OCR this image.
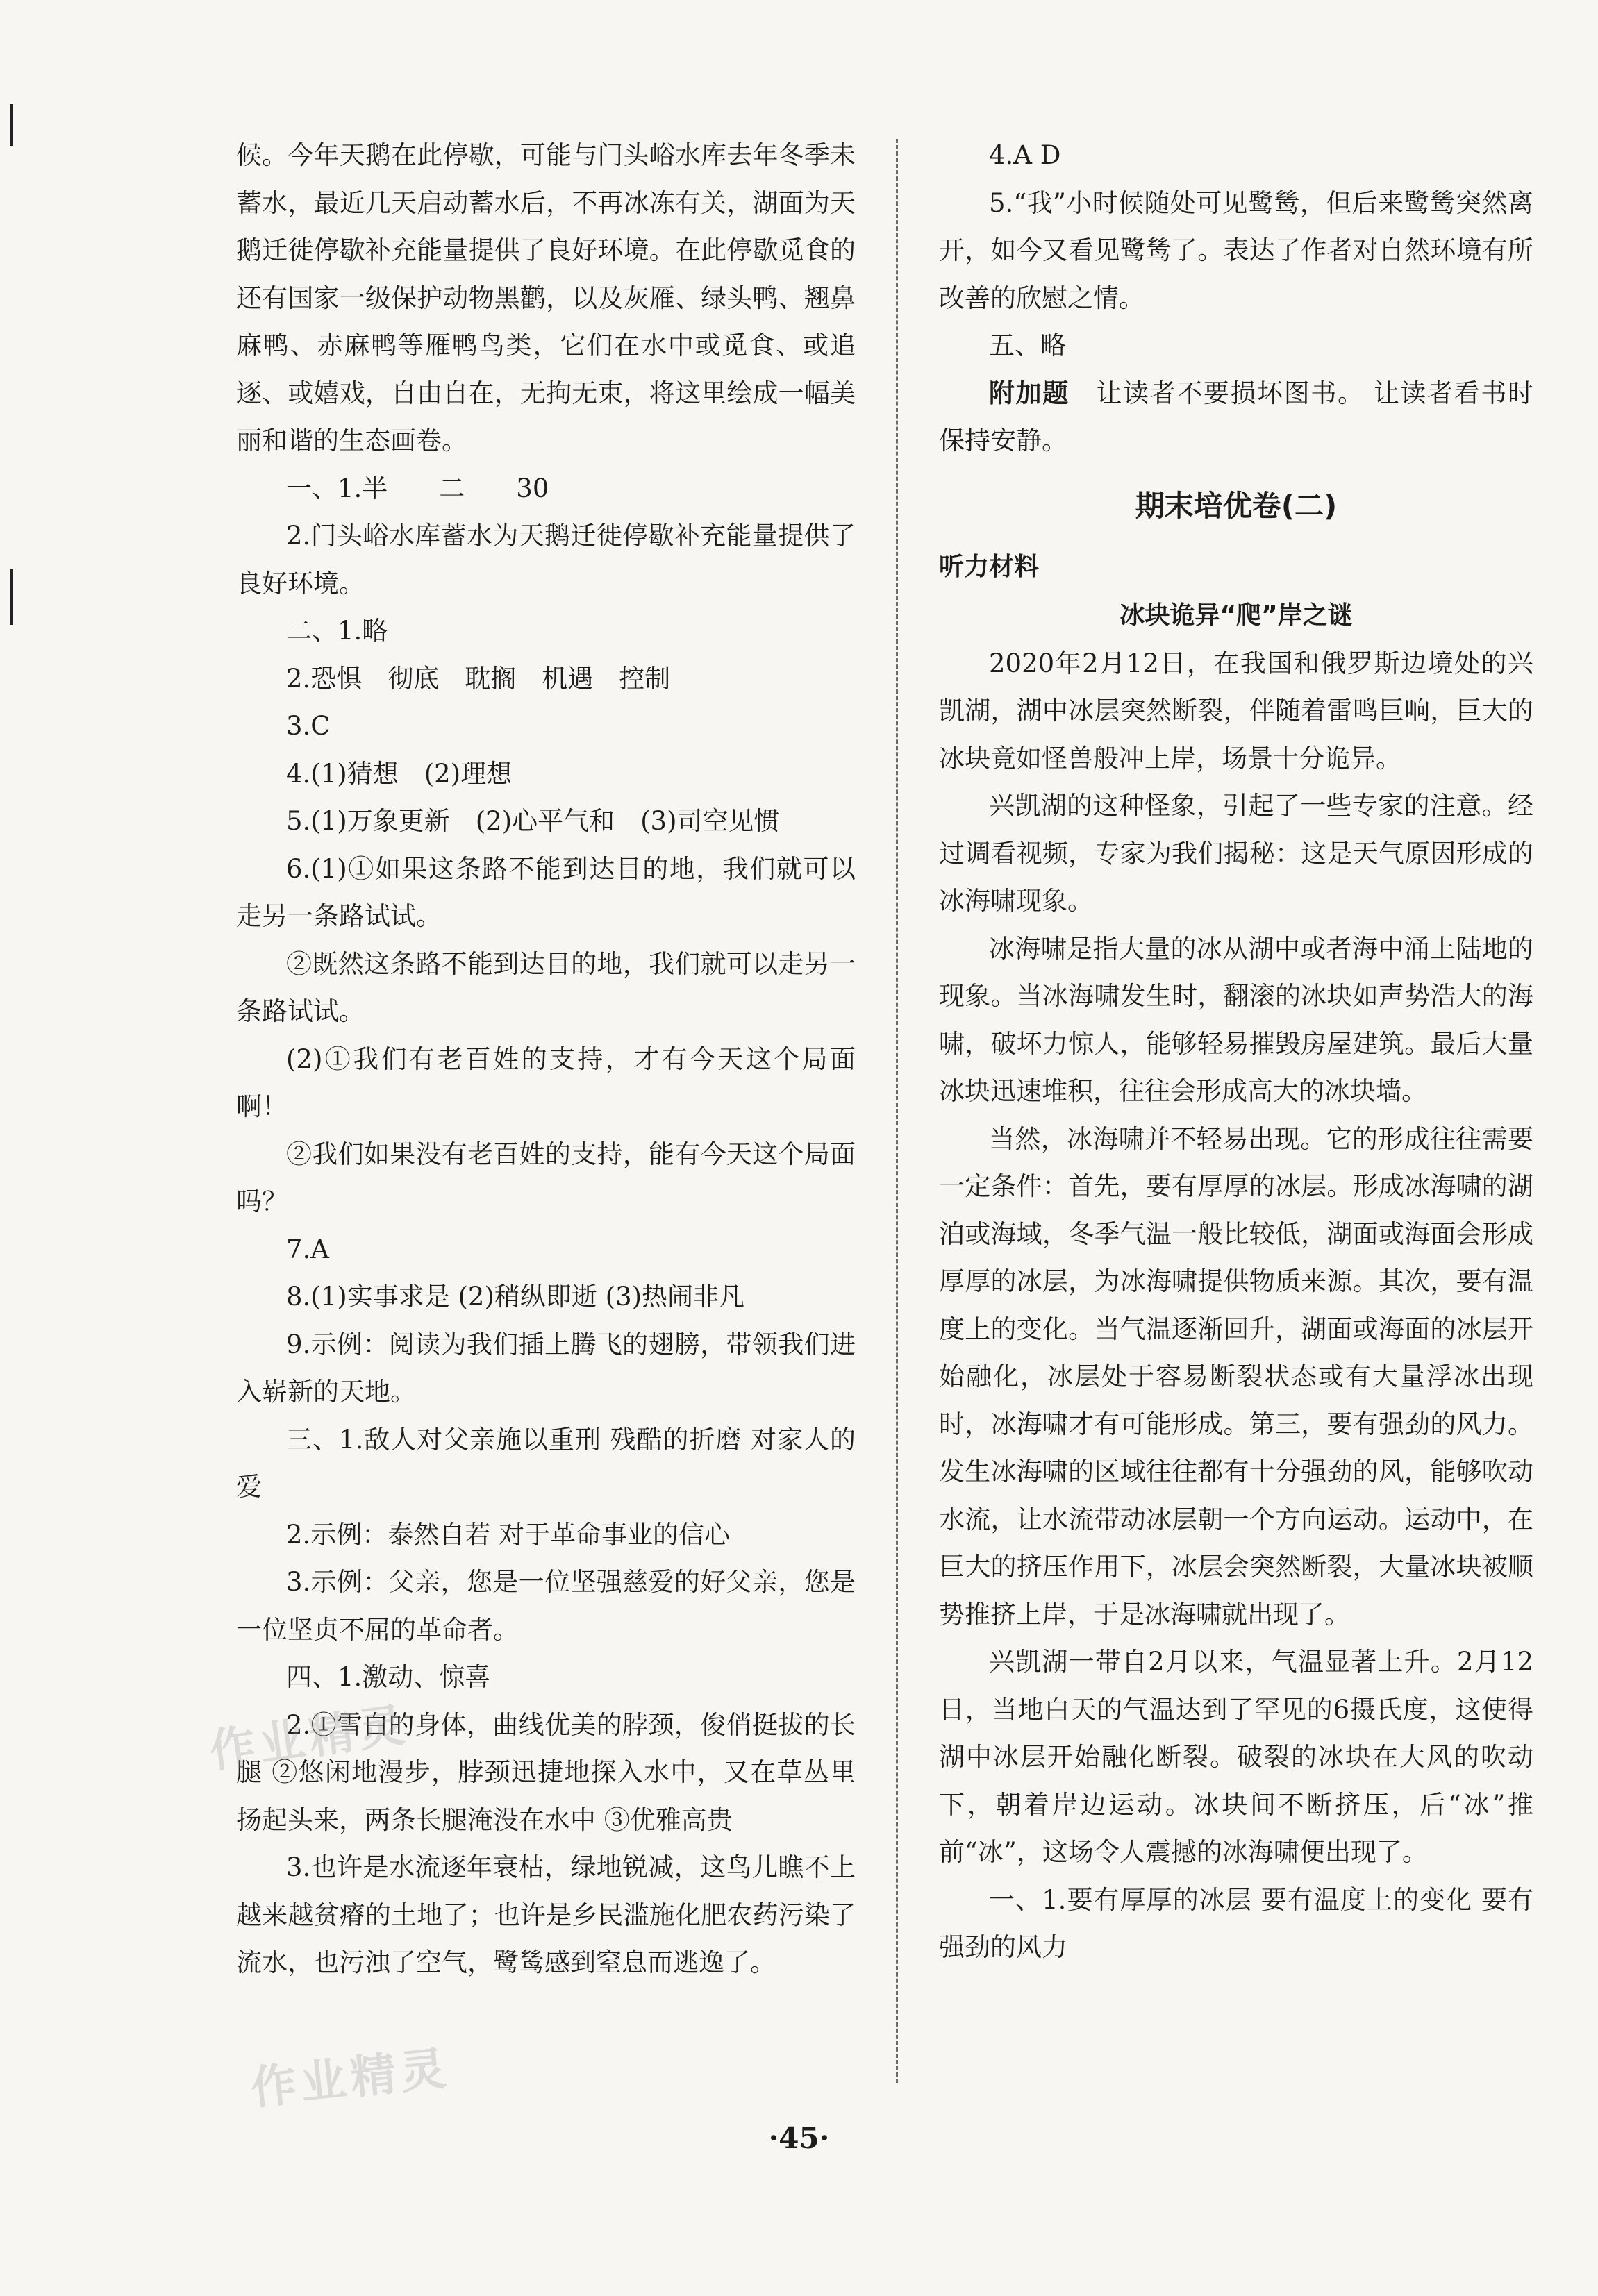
候。今年天鹅在此停歇，可能与门头峪水库去年冬季未蓄水，最近几天启动蓄水后，不再冰冻有关，湖面为天鹅迁徙停歇补充能量提供了良好环境。在此停歇觅食的还有国家一级保护动物黑鹳，以及灰雁、绿头鸭、翘鼻麻鸭、赤麻鸭等雁鸭鸟类，它们在水中或觅食、或追逐、或嬉戏，自由自在，无拘无束，将这里绘成一幅美丽和谐的生态画卷。

一、1.半　　二　　30

2.门头峪水库蓄水为天鹅迁徙停歇补充能量提供了良好环境。

二、1.略

2.恐惧　彻底　耽搁　机遇　控制

3.C

4.(1)猜想　(2)理想

5.(1)万象更新　(2)心平气和　(3)司空见惯

6.(1)①如果这条路不能到达目的地，我们就可以走另一条路试试。

②既然这条路不能到达目的地，我们就可以走另一条路试试。

(2)①我们有老百姓的支持，才有今天这个局面啊！

②我们如果没有老百姓的支持，能有今天这个局面吗？

7.A

8.(1)实事求是 (2)稍纵即逝 (3)热闹非凡

9.示例：阅读为我们插上腾飞的翅膀，带领我们进入崭新的天地。

三、1.敌人对父亲施以重刑 残酷的折磨 对家人的爱

2.示例：泰然自若 对于革命事业的信心

3.示例：父亲，您是一位坚强慈爱的好父亲，您是一位坚贞不屈的革命者。

四、1.激动、惊喜

2.①雪白的身体，曲线优美的脖颈，俊俏挺拔的长腿 ②悠闲地漫步，脖颈迅捷地探入水中，又在草丛里扬起头来，两条长腿淹没在水中 ③优雅高贵

3.也许是水流逐年衰枯，绿地锐减，这鸟儿瞧不上越来越贫瘠的土地了；也许是乡民滥施化肥农药污染了流水，也污浊了空气，鹭鸶感到窒息而逃逸了。

4.A D

5.“我”小时候随处可见鹭鸶，但后来鹭鸶突然离开，如今又看见鹭鸶了。表达了作者对自然环境有所改善的欣慰之情。

五、略

附加题　让读者不要损坏图书。 让读者看书时保持安静。

期末培优卷(二)
听力材料
冰块诡异“爬”岸之谜

2020年2月12日，在我国和俄罗斯边境处的兴凯湖，湖中冰层突然断裂，伴随着雷鸣巨响，巨大的冰块竟如怪兽般冲上岸，场景十分诡异。

兴凯湖的这种怪象，引起了一些专家的注意。经过调看视频，专家为我们揭秘：这是天气原因形成的冰海啸现象。

冰海啸是指大量的冰从湖中或者海中涌上陆地的现象。当冰海啸发生时，翻滚的冰块如声势浩大的海啸，破坏力惊人，能够轻易摧毁房屋建筑。最后大量冰块迅速堆积，往往会形成高大的冰块墙。

当然，冰海啸并不轻易出现。它的形成往往需要一定条件：首先，要有厚厚的冰层。形成冰海啸的湖泊或海域，冬季气温一般比较低，湖面或海面会形成厚厚的冰层，为冰海啸提供物质来源。其次，要有温度上的变化。当气温逐渐回升，湖面或海面的冰层开始融化，冰层处于容易断裂状态或有大量浮冰出现时，冰海啸才有可能形成。第三，要有强劲的风力。发生冰海啸的区域往往都有十分强劲的风，能够吹动水流，让水流带动冰层朝一个方向运动。运动中，在巨大的挤压作用下，冰层会突然断裂，大量冰块被顺势推挤上岸，于是冰海啸就出现了。

兴凯湖一带自2月以来，气温显著上升。2月12日，当地白天的气温达到了罕见的6摄氏度，这使得湖中冰层开始融化断裂。破裂的冰块在大风的吹动下，朝着岸边运动。冰块间不断挤压，后“冰”推前“冰”，这场令人震撼的冰海啸便出现了。

一、1.要有厚厚的冰层 要有温度上的变化 要有强劲的风力

·45·
作业精灵
作业精灵
